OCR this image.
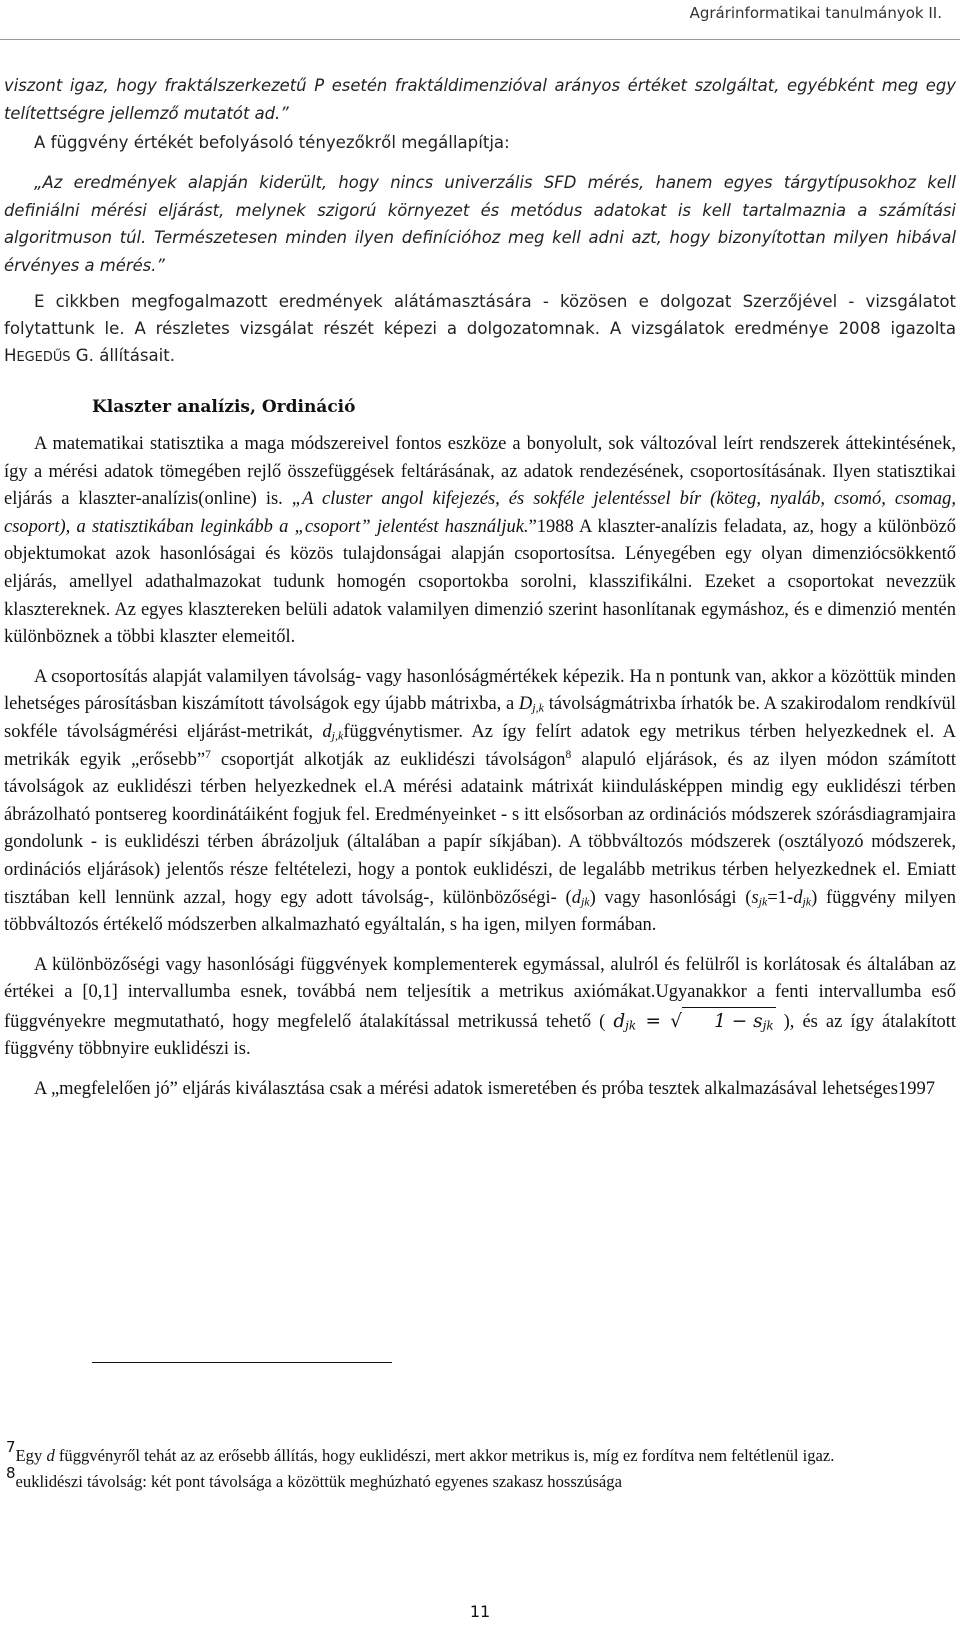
Agrárinformatikai tanulmányok II.

viszont igaz, hogy fraktálszerkezetű P esetén fraktáldimenzióval arányos értéket szolgáltat, egyébként meg egy telítettségre jellemző mutatót ad.”

A függvény értékét befolyásoló tényezőkről megállapítja:

„Az eredmények alapján kiderült, hogy nincs univerzális SFD mérés, hanem egyes tárgytípusokhoz kell definiálni mérési eljárást, melynek szigorú környezet és metódus adatokat is kell tartalmaznia a számítási algoritmuson túl. Természetesen minden ilyen definícióhoz meg kell adni azt, hogy bizonyítottan milyen hibával érvényes a mérés.”

E cikkben megfogalmazott eredmények alátámasztására - közösen e dolgozat Szerzőjével - vizsgálatot folytattunk le. A részletes vizsgálat részét képezi a dolgozatomnak. A vizsgálatok eredménye 2008 igazolta HEGEDŰS G. állításait.

Klaszter analízis, Ordináció

A matematikai statisztika a maga módszereivel fontos eszköze a bonyolult, sok változóval leírt rendszerek áttekintésének, így a mérési adatok tömegében rejlő összefüggések feltárásának, az adatok rendezésének, csoportosításának. Ilyen statisztikai eljárás a klaszter-analízis(online) is. „A cluster angol kifejezés, és sokféle jelentéssel bír (köteg, nyaláb, csomó, csomag, csoport), a statisztikában leginkább a „csoport” jelentést használjuk.”1988 A klaszter-analízis feladata, az, hogy a különböző objektumokat azok hasonlóságai és közös tulajdonságai alapján csoportosítsa. Lényegében egy olyan dimenziócsökkentő eljárás, amellyel adathalmazokat tudunk homogén csoportokba sorolni, klasszifikálni. Ezeket a csoportokat nevezzük klasztereknek. Az egyes klasztereken belüli adatok valamilyen dimenzió szerint hasonlítanak egymáshoz, és e dimenzió mentén különböznek a többi klaszter elemeitől.

A csoportosítás alapját valamilyen távolság- vagy hasonlóságmértékek képezik. Ha n pontunk van, akkor a közöttük minden lehetséges párosításban kiszámított távolságok egy újabb mátrixba, a $D_{j,k}$ távolságmátrixba írhatók be. A szakirodalom rendkívül sokféle távolságmérési eljárást-metrikát, $d_{j,k}függvénytismer$. Az így felírt adatok egy metrikus térben helyezkednek el. A metrikák egyik „erősebb”$^7$ csoportját alkotják az euklidészi távolságon$^8$ alapuló eljárások, és az ilyen módon számított távolságok az euklidészi térben helyezkednek el.A mérési adataink mátrixát kiindulásképpen mindig egy euklidészi térben ábrázolható pontsereg koordinátáiként fogjuk fel. Eredményeinket - s itt elsősorban az ordinációs módszerek szórásdiagramjaira gondolunk - is euklidészi térben ábrázoljuk (általában a papír síkjában). A többváltozós módszerek (osztályozó módszerek, ordinációs eljárások) jelentős része feltételezi, hogy a pontok euklidészi, de legalább metrikus térben helyezkednek el. Emiatt tisztában kell lennünk azzal, hogy egy adott távolság-, különbözőségi- $(d_{jk})$ vagy hasonlósági $(s_{jk}=1-d_{jk})$ függvény milyen többváltozós értékelő módszerben alkalmazható egyáltalán, s ha igen, milyen formában.

A különbözőségi vagy hasonlósági függvények komplementerek egymással, alulról és felülről is korlátosak és általában az értékei a [0,1] intervallumba esnek, továbbá nem teljesítik a metrikus axiómákat.Ugyanakkor a fenti intervallumba eső függvényekre megmutatható, hogy megfelelő átalakítással metrikussá tehető ( $d_{jk}$ = √ $1 - s_{jk}$ ), és az így átalakított függvény többnyire euklidészi is.

A „megfelelően jó” eljárás kiválasztása csak a mérési adatok ismeretében és próba tesztek alkalmazásával lehetséges1997

$^7$Egy d függvényről tehát az az erősebb állítás, hogy euklidészi, mert akkor metrikus is, míg ez fordítva nem feltétlenül igaz.

$^8$euklidészi távolság: két pont távolsága a közöttük meghúzható egyenes szakasz hosszúsága

11
